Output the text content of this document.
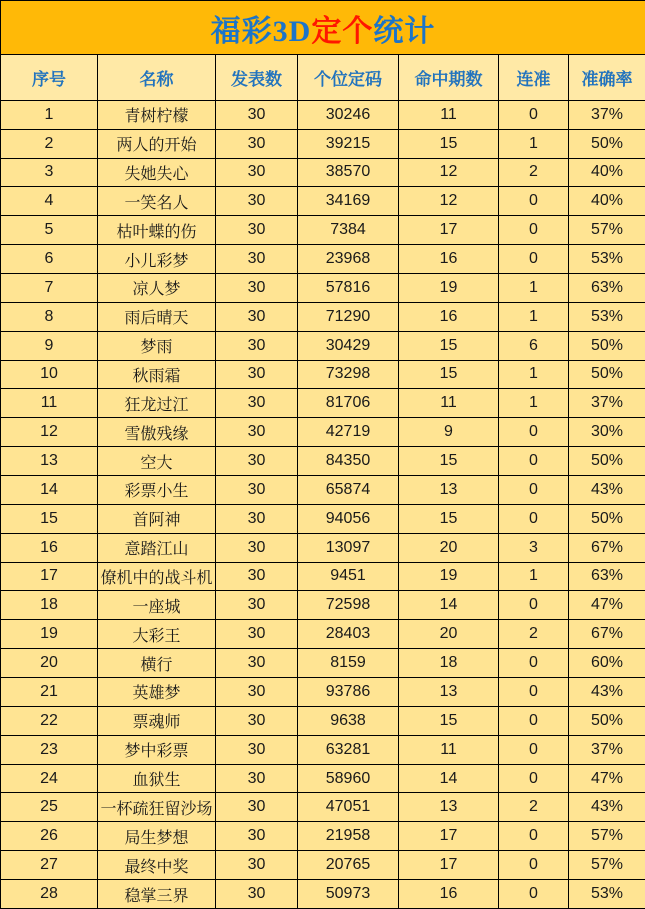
福彩3D定个统计						
序号	名称	发表数	个位定码	命中期数	连准	准确率
1	青树柠檬	30	30246	11	0	37%
2	两人的开始	30	39215	15	1	50%
3	失她失心	30	38570	12	2	40%
4	一笑名人	30	34169	12	0	40%
5	枯叶蝶的伤	30	7384	17	0	57%
6	小儿彩梦	30	23968	16	0	53%
7	凉人梦	30	57816	19	1	63%
8	雨后晴天	30	71290	16	1	53%
9	梦雨	30	30429	15	6	50%
10	秋雨霜	30	73298	15	1	50%
11	狂龙过江	30	81706	11	1	37%
12	雪傲残缘	30	42719	9	0	30%
13	空大	30	84350	15	0	50%
14	彩票小生	30	65874	13	0	43%
15	首阿神	30	94056	15	0	50%
16	意踏江山	30	13097	20	3	67%
17	僚机中的战斗机	30	9451	19	1	63%
18	一座城	30	72598	14	0	47%
19	大彩王	30	28403	20	2	67%
20	横行	30	8159	18	0	60%
21	英雄梦	30	93786	13	0	43%
22	票魂师	30	9638	15	0	50%
23	梦中彩票	30	63281	11	0	37%
24	血狱生	30	58960	14	0	47%
25	一杯疏狂留沙场	30	47051	13	2	43%
26	局生梦想	30	21958	17	0	57%
27	最终中奖	30	20765	17	0	57%
28	稳掌三界	30	50973	16	0	53%
